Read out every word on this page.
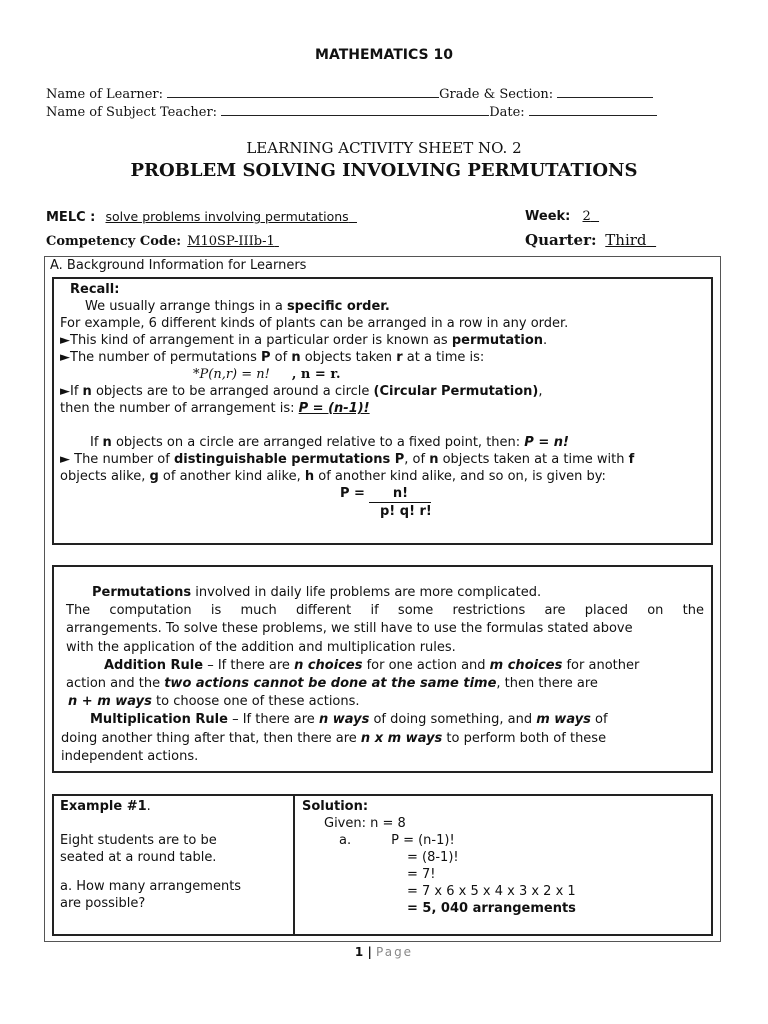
MATHEMATICS 10
Name of Learner:	Grade & Section:
Name of Subject Teacher:	Date:
LEARNING ACTIVITY SHEET NO. 2
PROBLEM SOLVING INVOLVING PERMUTATIONS
MELC : solve problems involving permutations	Week: 2
Competency Code: M10SP-IIIb-1	Quarter: Third
A. Background Information for Learners
Recall:
We usually arrange things in a specific order.
For example, 6 different kinds of plants can be arranged in a row in any order.
►This kind of arrangement in a particular order is known as permutation.
►The number of permutations P of n objects taken r at a time is:
*P(n,r) = n! , n = r.
►If n objects are to be arranged around a circle (Circular Permutation),
then the number of arrangement is: P = (n-1)!
If n objects on a circle are arranged relative to a fixed point, then: P = n!
► The number of distinguishable permutations P, of n objects taken at a time with f
objects alike, g of another kind alike, h of another kind alike, and so on, is given by:
P = n!
p! q! r!
Permutations involved in daily life problems are more complicated.
The computation is much different if some restrictions are placed on the
arrangements. To solve these problems, we still have to use the formulas stated above
with the application of the addition and multiplication rules.
Addition Rule – If there are n choices for one action and m choices for another
action and the two actions cannot be done at the same time, then there are
n + m ways to choose one of these actions.
Multiplication Rule – If there are n ways of doing something, and m ways of
doing another thing after that, then there are n x m ways to perform both of these
independent actions.
Example #1.
Eight students are to be
seated at a round table.
a. How many arrangements
are possible?
Solution:
Given: n = 8
a.	P = (n-1)!
= (8-1)!
= 7!
= 7 x 6 x 5 x 4 x 3 x 2 x 1
= 5, 040 arrangements
1 | Page
